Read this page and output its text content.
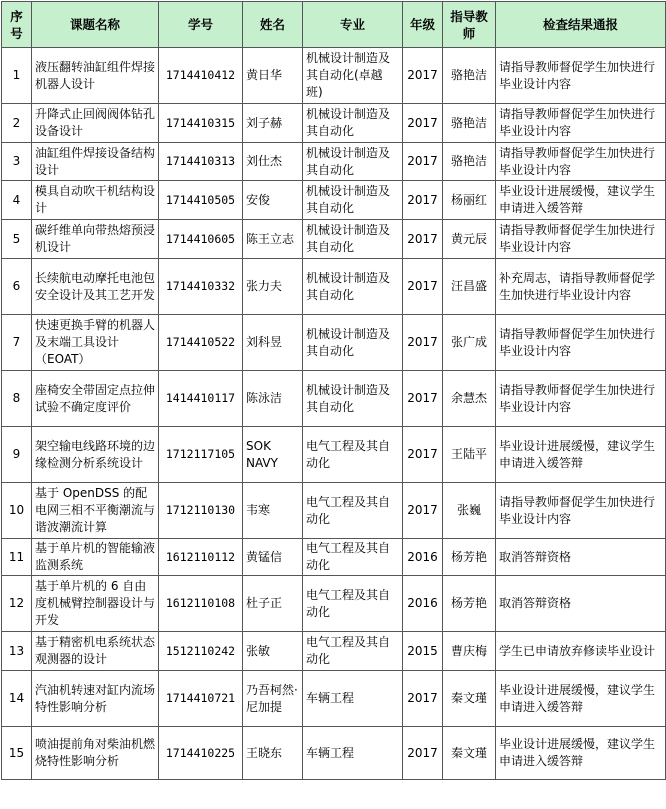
序号	课题名称	学号	姓名	专业	年级	指导教师	检查结果通报
1	液压翻转油缸组件焊接机器人设计	1714410412	黄日华	机械设计制造及其自动化(卓越班)	2017	骆艳洁	请指导教师督促学生加快进行毕业设计内容
2	升降式止回阀阀体钻孔设备设计	1714410315	刘子赫	机械设计制造及其自动化	2017	骆艳洁	请指导教师督促学生加快进行毕业设计内容
3	油缸组件焊接设备结构设计	1714410313	刘仕杰	机械设计制造及其自动化	2017	骆艳洁	请指导教师督促学生加快进行毕业设计内容
4	模具自动吹干机结构设计	1714410505	安俊	机械设计制造及其自动化	2017	杨丽红	毕业设计进展缓慢，建议学生申请进入缓答辩
5	碳纤维单向带热熔预浸机设计	1714410605	陈王立志	机械设计制造及其自动化	2017	黄元辰	请指导教师督促学生加快进行毕业设计内容
6	长续航电动摩托电池包安全设计及其工艺开发	1714410332	张力夫	机械设计制造及其自动化	2017	汪昌盛	补充周志，请指导教师督促学生加快进行毕业设计内容
7	快速更换手臂的机器人及末端工具设计（EOAT）	1714410522	刘科昱	机械设计制造及其自动化	2017	张广成	请指导教师督促学生加快进行毕业设计内容
8	座椅安全带固定点拉伸试验不确定度评价	1414410117	陈泳洁	机械设计制造及其自动化	2017	余慧杰	请指导教师督促学生加快进行毕业设计内容
9	架空输电线路环境的边缘检测分析系统设计	1712117105	SOK NAVY	电气工程及其自动化	2017	王陆平	毕业设计进展缓慢，建议学生申请进入缓答辩
10	基于 OpenDSS 的配电网三相不平衡潮流与谐波潮流计算	1712110130	韦寒	电气工程及其自动化	2017	张巍	请指导教师督促学生加快进行毕业设计内容
11	基于单片机的智能输液监测系统	1612110112	黄锰信	电气工程及其自动化	2016	杨芳艳	取消答辩资格
12	基于单片机的 6 自由度机械臂控制器设计与开发	1612110108	杜子正	电气工程及其自动化	2016	杨芳艳	取消答辩资格
13	基于精密机电系统状态观测器的设计	1512110242	张敏	电气工程及其自动化	2015	曹庆梅	学生已申请放弃修读毕业设计
14	汽油机转速对缸内流场特性影响分析	1714410721	乃吾柯然·尼加提	车辆工程	2017	秦文瑾	毕业设计进展缓慢，建议学生申请进入缓答辩
15	喷油提前角对柴油机燃烧特性影响分析	1714410225	王晓东	车辆工程	2017	秦文瑾	毕业设计进展缓慢，建议学生申请进入缓答辩
